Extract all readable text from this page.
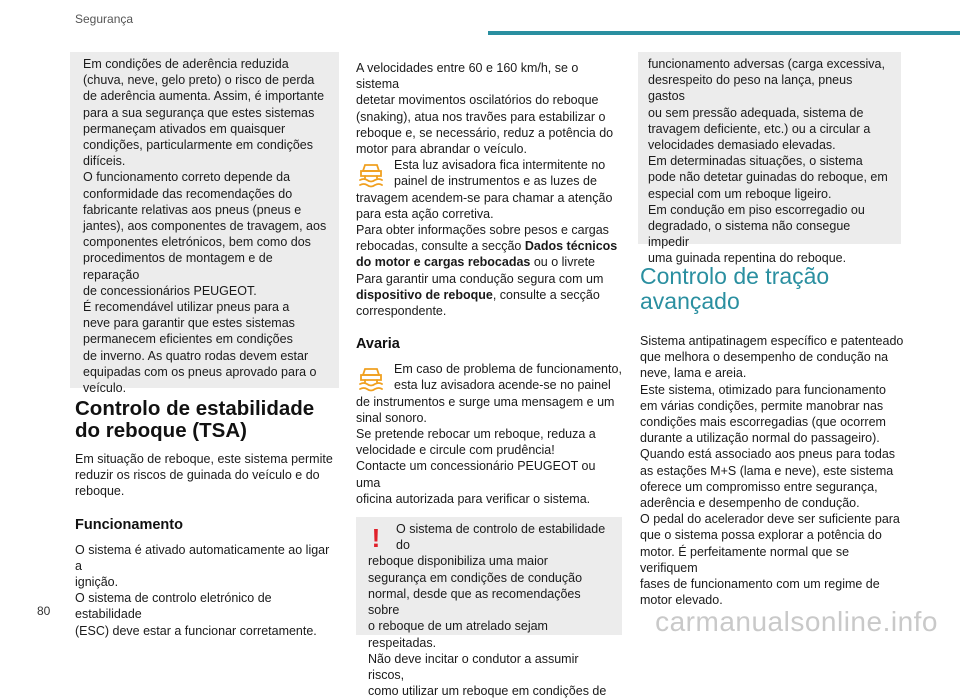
Segurança

Em condições de aderência reduzida

(chuva, neve, gelo preto) o risco de perda

de aderência aumenta. Assim, é importante

para a sua segurança que estes sistemas

permaneçam ativados em quaisquer

condições, particularmente em condições

difíceis.

O funcionamento correto depende da

conformidade das recomendações do

fabricante relativas aos pneus (pneus e

jantes), aos componentes de travagem, aos

componentes eletrónicos, bem como dos

procedimentos de montagem e de reparação

de concessionários PEUGEOT.

É recomendável utilizar pneus para a

neve para garantir que estes sistemas

permanecem eficientes em condições

de inverno. As quatro rodas devem estar

equipadas com os pneus aprovado para o

veículo.

Controlo de estabilidade do reboque (TSA)

Em situação de reboque, este sistema permite

reduzir os riscos de guinada do veículo e do

reboque.

Funcionamento

O sistema é ativado automaticamente ao ligar a

ignição.

O sistema de controlo eletrónico de estabilidade

(ESC) deve estar a funcionar corretamente.

A velocidades entre 60 e 160 km/h, se o sistema

detetar movimentos oscilatórios do reboque

(snaking), atua nos travões para estabilizar o

reboque e, se necessário, reduz a potência do

motor para abrandar o veículo.

Esta luz avisadora fica intermitente no

painel de instrumentos e as luzes de

travagem acendem-se para chamar a atenção

para esta ação corretiva.

Para obter informações sobre pesos e cargas

rebocadas, consulte a secção Dados técnicos

do motor e cargas rebocadas ou o livrete

Para garantir uma condução segura com um

dispositivo de reboque, consulte a secção

correspondente.

Avaria

Em caso de problema de funcionamento,

esta luz avisadora acende-se no painel

de instrumentos e surge uma mensagem e um

sinal sonoro.

Se pretende rebocar um reboque, reduza a

velocidade e circule com prudência!

Contacte um concessionário PEUGEOT ou uma

oficina autorizada para verificar o sistema.

!	O sistema de controlo de estabilidade do

reboque disponibiliza uma maior

segurança em condições de condução

normal, desde que as recomendações sobre

o reboque de um atrelado sejam respeitadas.

Não deve incitar o condutor a assumir riscos,

como utilizar um reboque em condições de

funcionamento adversas (carga excessiva,

desrespeito do peso na lança, pneus gastos

ou sem pressão adequada, sistema de

travagem deficiente, etc.) ou a circular a

velocidades demasiado elevadas.

Em determinadas situações, o sistema

pode não detetar guinadas do reboque, em

especial com um reboque ligeiro.

Em condução em piso escorregadio ou

degradado, o sistema não consegue impedir

uma guinada repentina do reboque.

Controlo de tração avançado

Sistema antipatinagem específico e patenteado

que melhora o desempenho de condução na

neve, lama e areia.

Este sistema, otimizado para funcionamento

em várias condições, permite manobrar nas

condições mais escorregadias (que ocorrem

durante a utilização normal do passageiro).

Quando está associado aos pneus para todas

as estações M+S (lama e neve), este sistema

oferece um compromisso entre segurança,

aderência e desempenho de condução.

O pedal do acelerador deve ser suficiente para

que o sistema possa explorar a potência do

motor. É perfeitamente normal que se verifiquem

fases de funcionamento com um regime de

motor elevado.

80	carmanualsonline.info
